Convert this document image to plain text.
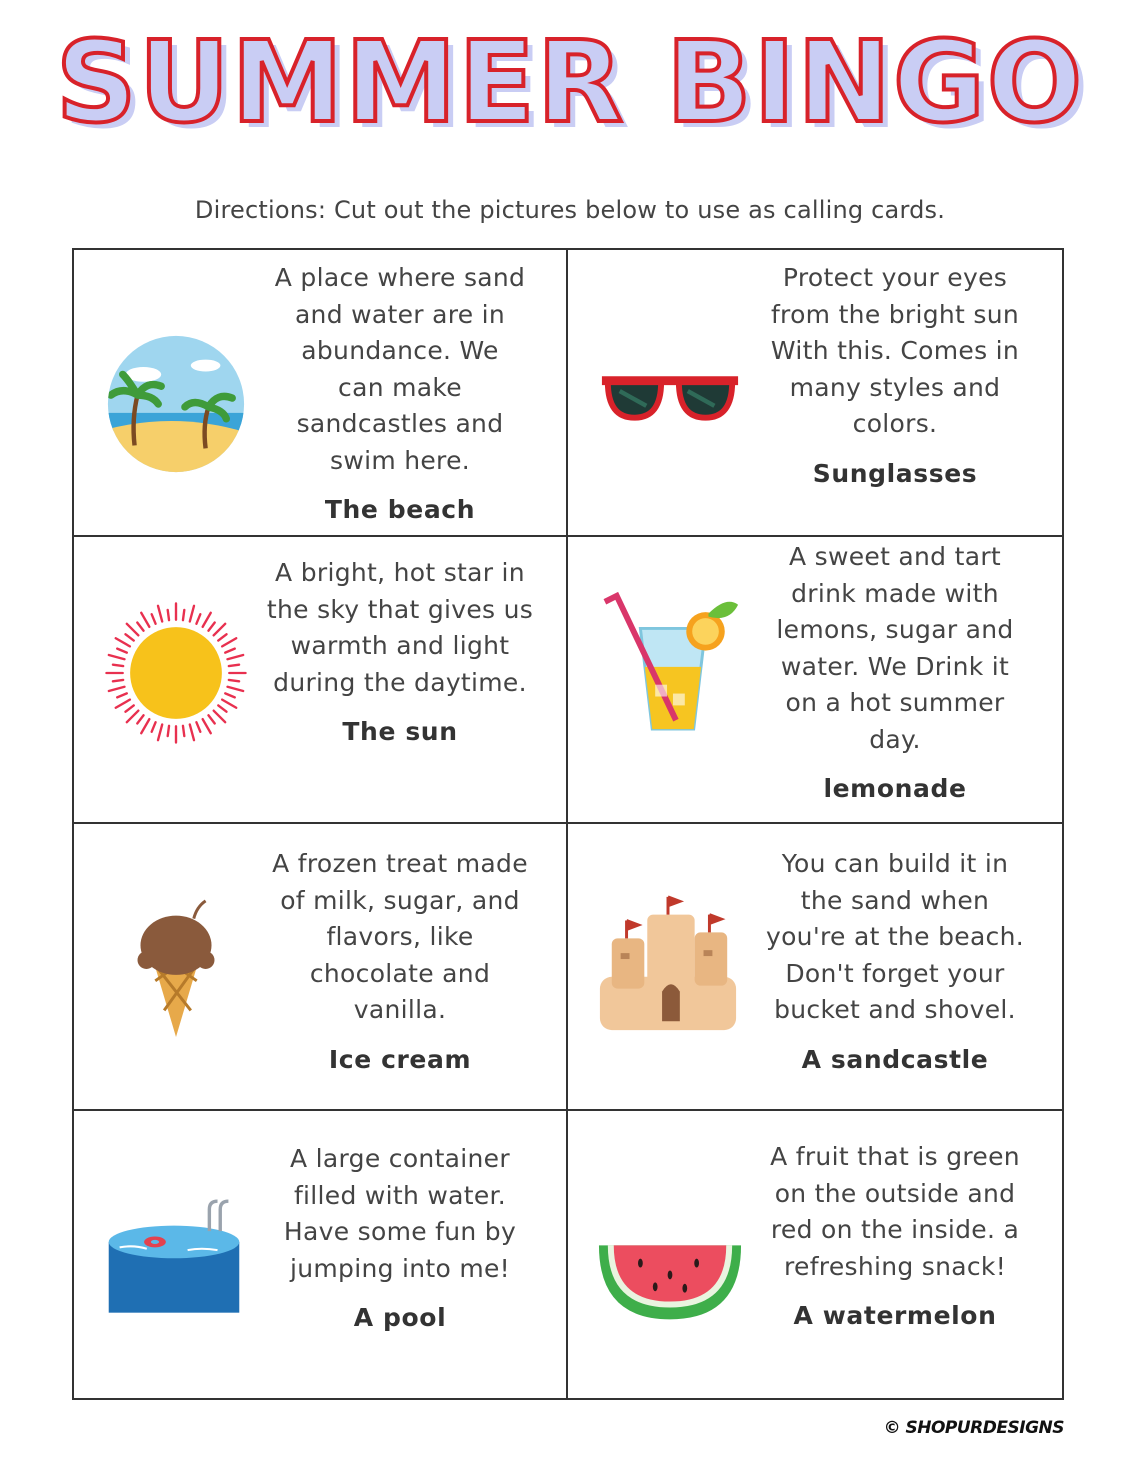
SUMMER BINGO
Directions: Cut out the pictures below to use as calling cards.
A place where sand
and water are in
abundance. We
can make
sandcastles and
swim here.
The beach
Protect your eyes
from the bright sun
With this. Comes in
many styles and
colors.
Sunglasses
A bright, hot star in
the sky that gives us
warmth and light
during the daytime.
The sun
A sweet and tart
drink made with
lemons, sugar and
water. We Drink it
on a hot summer
day.
lemonade
A frozen treat made
of milk, sugar, and
flavors, like
chocolate and
vanilla.
Ice cream
You can build it in
the sand when
you're at the beach.
Don't forget your
bucket and shovel.
A sandcastle
A large container
filled with water.
Have some fun by
jumping into me!
A pool
A fruit that is green
on the outside and
red on the inside. a
refreshing snack!
A watermelon
© SHOPURDESIGNS
